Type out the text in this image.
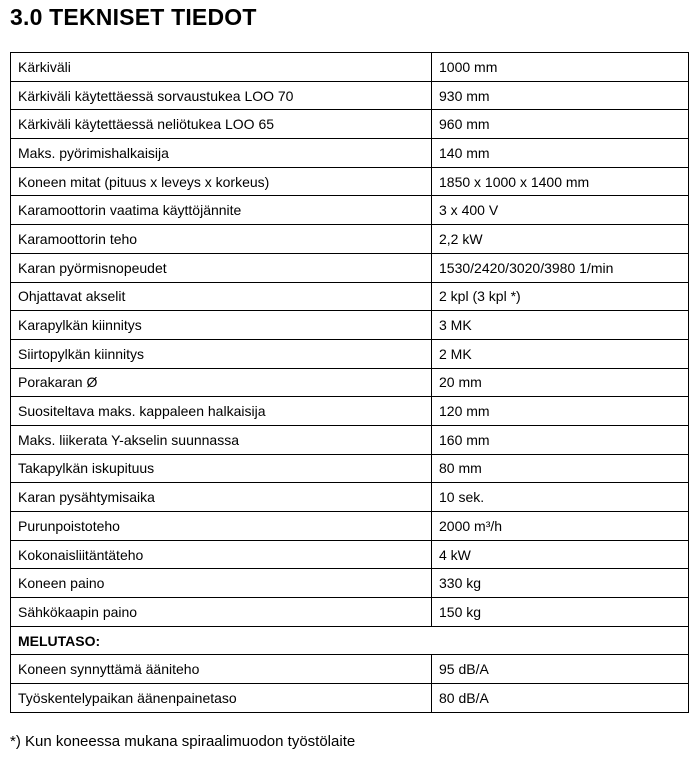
3.0 TEKNISET TIEDOT
Kärkiväli	1000 mm
Kärkiväli käytettäessä sorvaustukea LOO 70	930 mm
Kärkiväli käytettäessä neliötukea LOO 65	960 mm
Maks. pyörimishalkaisija	140 mm
Koneen mitat (pituus x leveys x korkeus)	1850 x 1000 x 1400 mm
Karamoottorin vaatima käyttöjännite	3 x 400 V
Karamoottorin teho	2,2 kW
Karan pyörmisnopeudet	1530/2420/3020/3980 1/min
Ohjattavat akselit	2 kpl (3 kpl *)
Karapylkän kiinnitys	3 MK
Siirtopylkän kiinnitys	2 MK
Porakaran Ø	20 mm
Suositeltava maks. kappaleen halkaisija	120 mm
Maks. liikerata Y-akselin suunnassa	160 mm
Takapylkän iskupituus	80 mm
Karan pysähtymisaika	10 sek.
Purunpoistoteho	2000 m³/h
Kokonaisliitäntäteho	4 kW
Koneen paino	330 kg
Sähkökaapin paino	150 kg
MELUTASO:	
Koneen synnyttämä ääniteho	95 dB/A
Työskentelypaikan äänenpainetaso	80 dB/A

*) Kun koneessa mukana spiraalimuodon työstölaite
